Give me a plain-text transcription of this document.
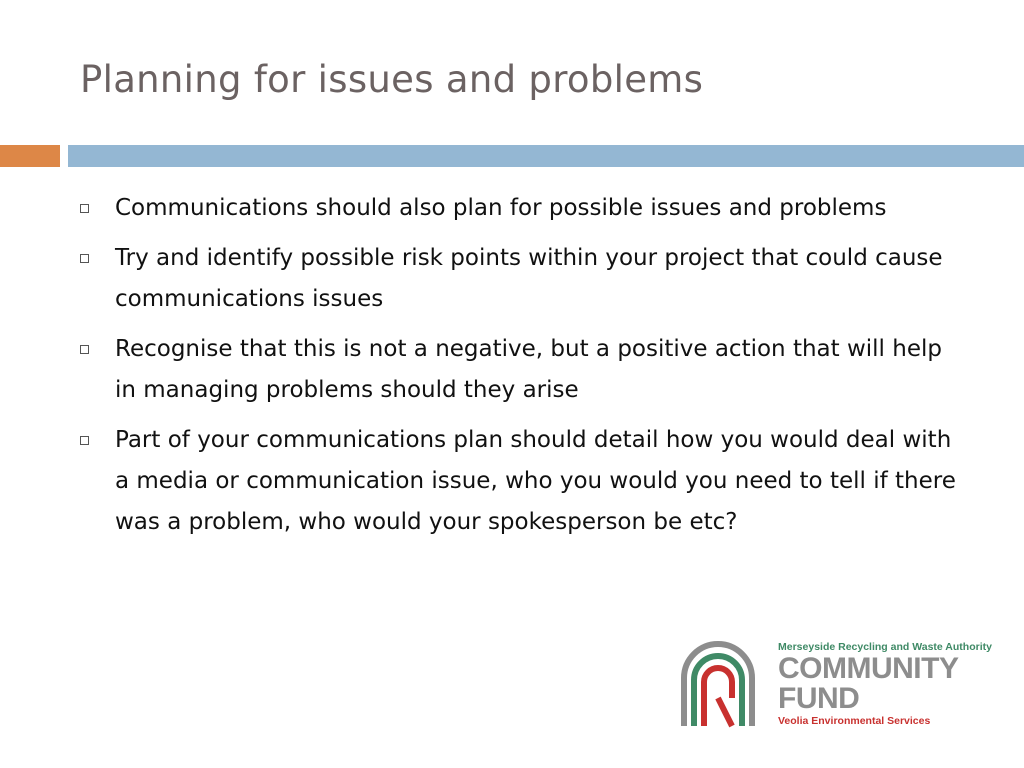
Planning for issues and problems
Communications should also plan for possible issues and problems
Try and identify possible risk points within your project that could cause communications issues
Recognise that this is not a negative, but a positive action that will help in managing problems should they arise
Part of your communications plan should detail how you would deal with a media or communication issue, who you would you need to tell if there was a problem, who would your spokesperson be etc?
Merseyside Recycling and Waste Authority
COMMUNITY
FUND
Veolia Environmental Services
